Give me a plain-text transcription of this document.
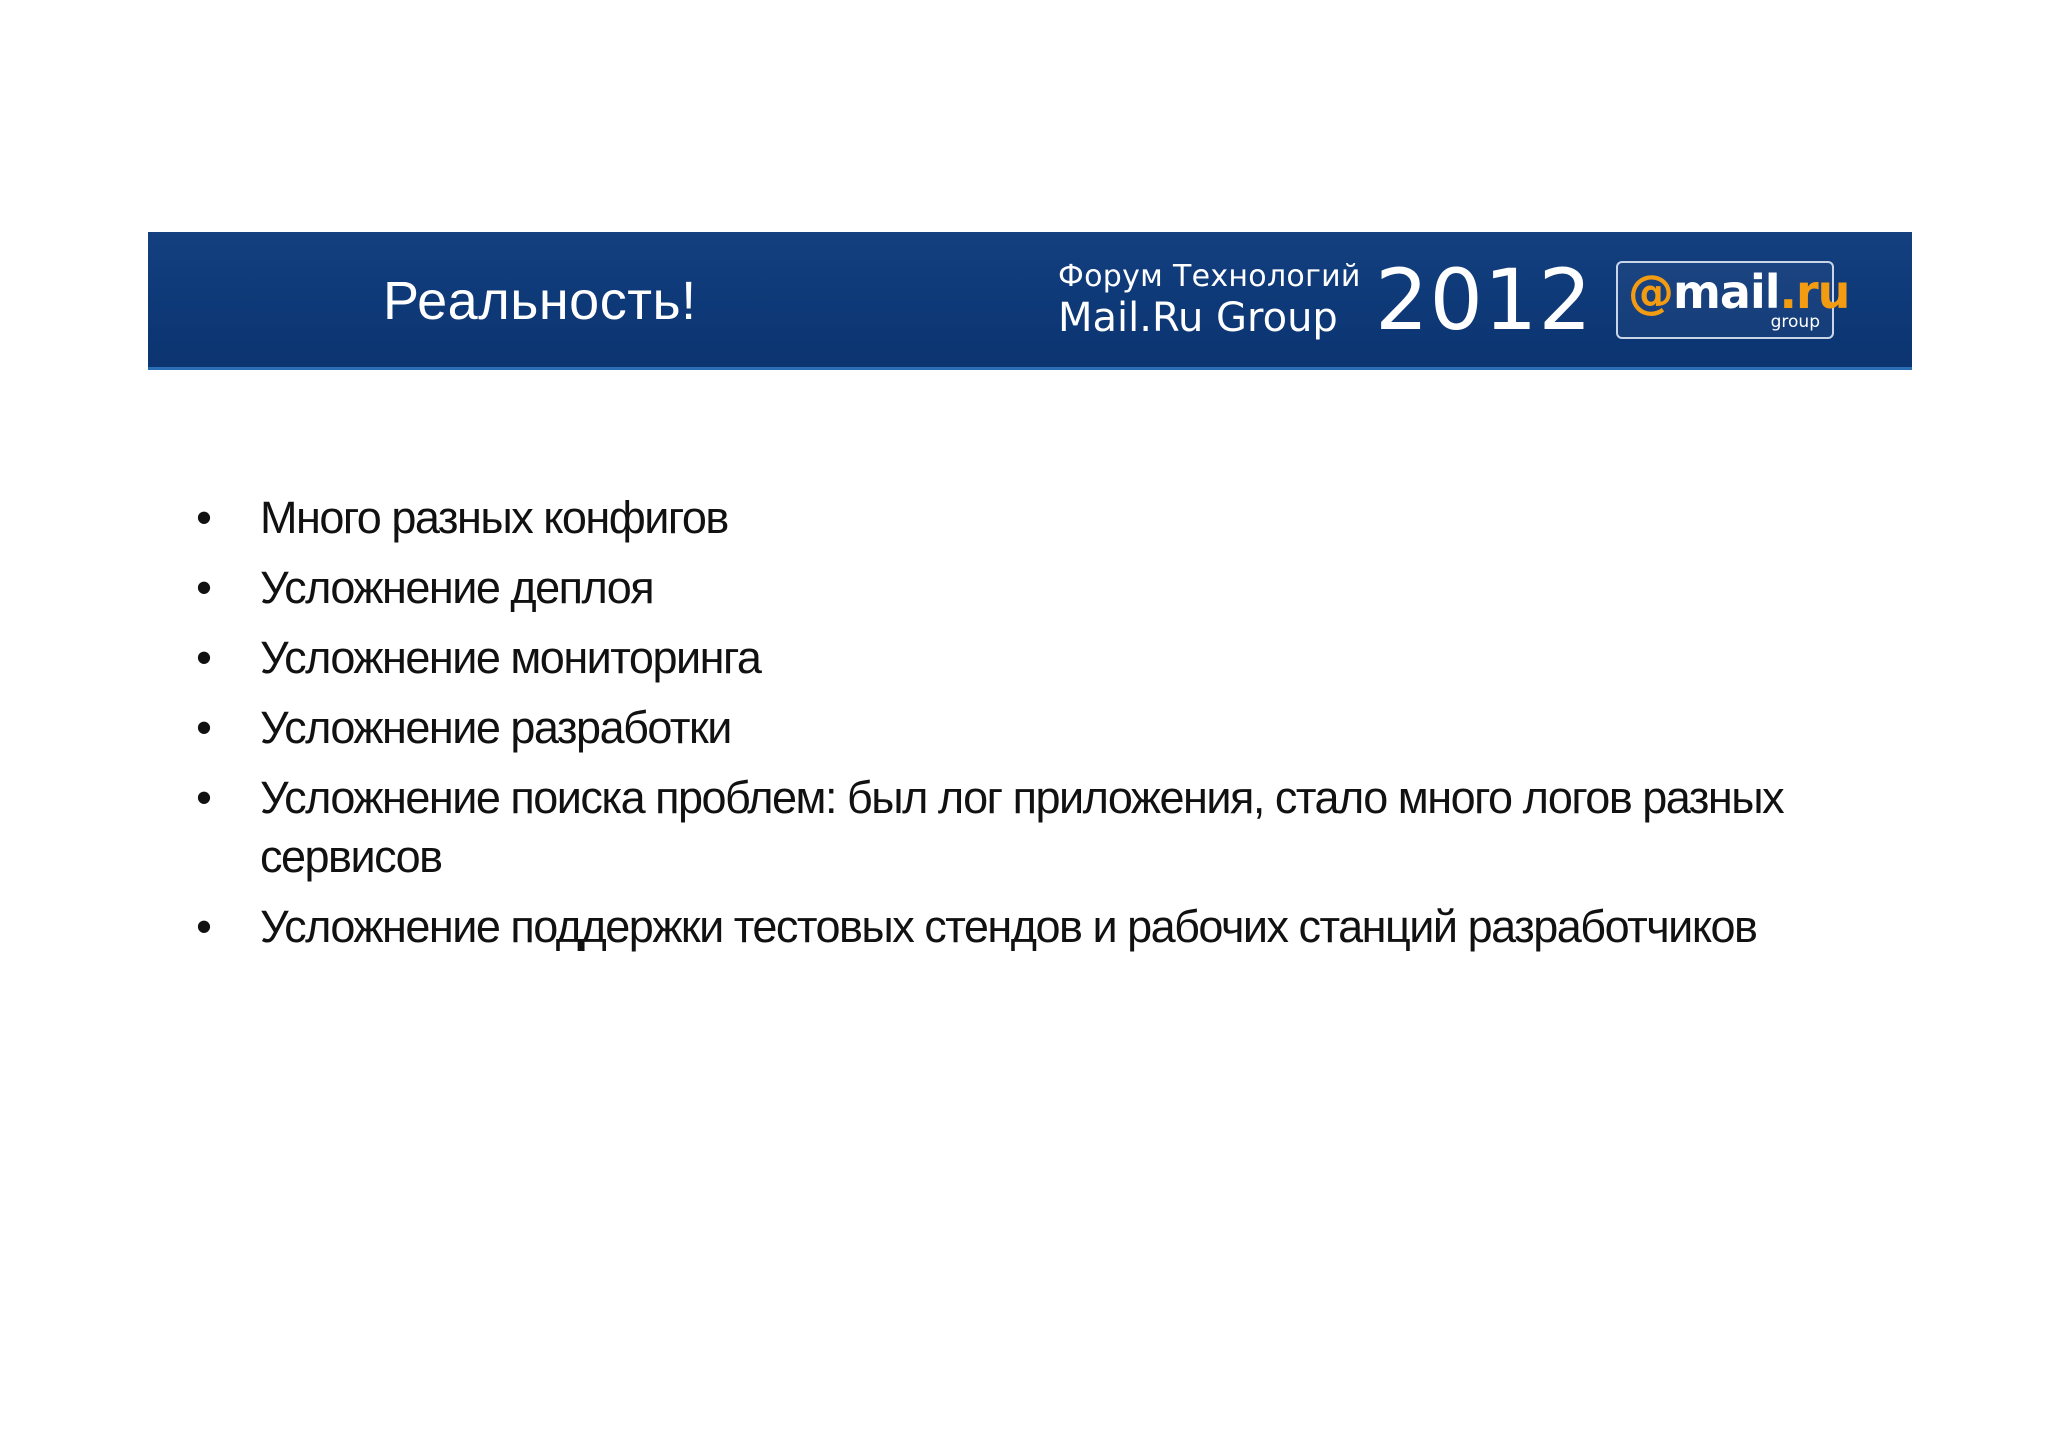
Реальность!	Форум Технологий
Mail.Ru Group 2012 @mail.ru
group
• Много разных конфигов
• Усложнение деплоя
• Усложнение мониторинга
• Усложнение разработки
• Усложнение поиска проблем: был лог приложения, стало много логов разных сервисов
• Усложнение поддержки тестовых стендов и рабочих станций разработчиков
